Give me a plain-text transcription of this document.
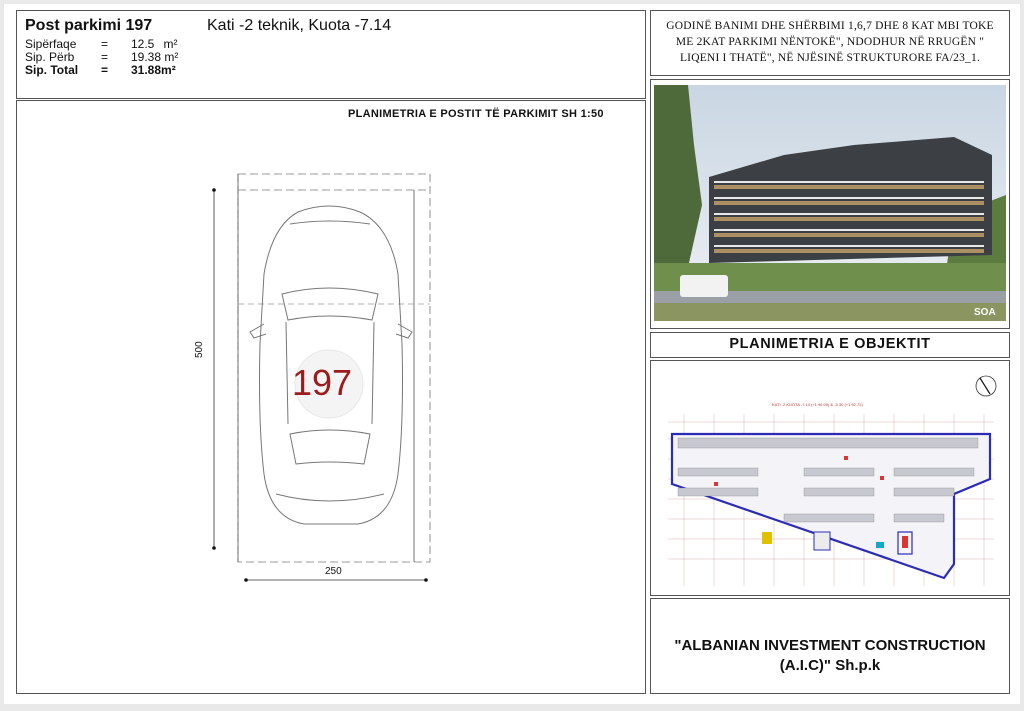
Post parkimi 197	Kati -2 teknik, Kuota -7.14
Sipërfaqe	=	12.5	m²
Sip. Përb	=	19.38 m²	
Sip. Total	=	31.88m²	
PLANIMETRIA E POSTIT TË PARKIMIT SH 1:50
197
500
250
GODINË BANIMI DHE SHËRBIMI 1,6,7 DHE 8 KAT MBI TOKE
ME 2KAT PARKIMI NËNTOKË", NDODHUR NË RRUGËN "
LIQENI I THATË", NË NJËSINË STRUKTURORE FA/23_1.
SOA
PLANIMETRIA E OBJEKTIT
KATI -2 KUOTA -7.14 (+1 96 00) & -3.30 (+1 92.72)
"ALBANIAN INVESTMENT CONSTRUCTION
(A.I.C)" Sh.p.k
